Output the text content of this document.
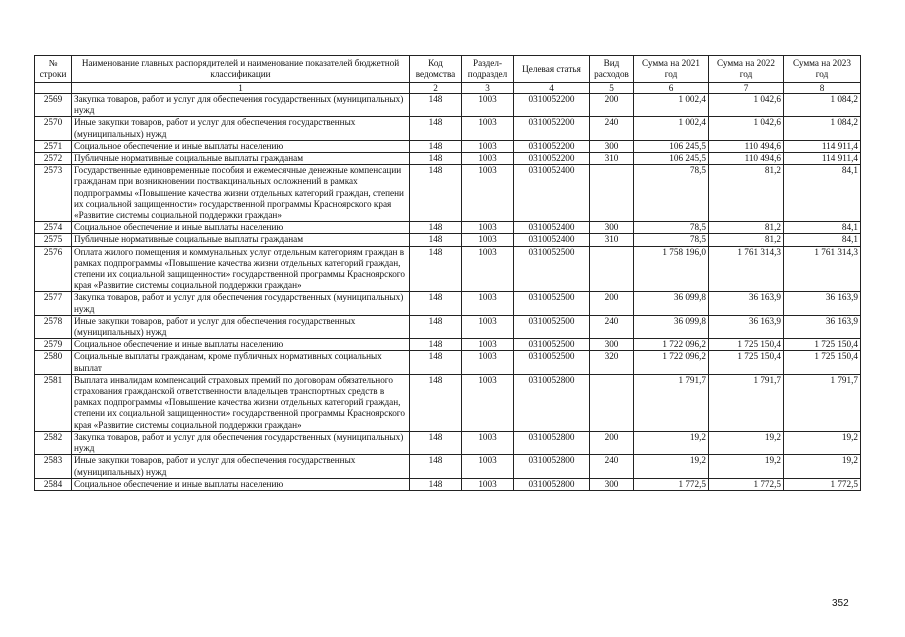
№ строки	Наименование главных распорядителей и наименование показателей бюджетной классификации	Код ведомства	Раздел-подраздел	Целевая статья	Вид расходов	Сумма на 2021 год	Сумма на 2022 год	Сумма на 2023 год
	1	2	3	4	5	6	7	8
2569	Закупка товаров, работ и услуг для обеспечения государственных (муниципальных) нужд	148	1003	0310052200	200	1 002,4	1 042,6	1 084,2
2570	Иные закупки товаров, работ и услуг для обеспечения государственных (муниципальных) нужд	148	1003	0310052200	240	1 002,4	1 042,6	1 084,2
2571	Социальное обеспечение и иные выплаты населению	148	1003	0310052200	300	106 245,5	110 494,6	114 911,4
2572	Публичные нормативные социальные выплаты гражданам	148	1003	0310052200	310	106 245,5	110 494,6	114 911,4
2573	Государственные единовременные пособия и ежемесячные денежные компенсации гражданам при возникновении поствакцинальных осложнений в рамках подпрограммы «Повышение качества жизни отдельных категорий граждан, степени их социальной защищенности» государственной программы Красноярского края «Развитие системы социальной поддержки граждан»	148	1003	0310052400		78,5	81,2	84,1
2574	Социальное обеспечение и иные выплаты населению	148	1003	0310052400	300	78,5	81,2	84,1
2575	Публичные нормативные социальные выплаты гражданам	148	1003	0310052400	310	78,5	81,2	84,1
2576	Оплата жилого помещения и коммунальных услуг отдельным категориям граждан в рамках подпрограммы «Повышение качества жизни отдельных категорий граждан, степени их социальной защищенности» государственной программы Красноярского края «Развитие системы социальной поддержки граждан»	148	1003	0310052500		1 758 196,0	1 761 314,3	1 761 314,3
2577	Закупка товаров, работ и услуг для обеспечения государственных (муниципальных) нужд	148	1003	0310052500	200	36 099,8	36 163,9	36 163,9
2578	Иные закупки товаров, работ и услуг для обеспечения государственных (муниципальных) нужд	148	1003	0310052500	240	36 099,8	36 163,9	36 163,9
2579	Социальное обеспечение и иные выплаты населению	148	1003	0310052500	300	1 722 096,2	1 725 150,4	1 725 150,4
2580	Социальные выплаты гражданам, кроме публичных нормативных социальных выплат	148	1003	0310052500	320	1 722 096,2	1 725 150,4	1 725 150,4
2581	Выплата инвалидам компенсаций страховых премий по договорам обязательного страхования гражданской ответственности владельцев транспортных средств в рамках подпрограммы «Повышение качества жизни отдельных категорий граждан, степени их социальной защищенности» государственной программы Красноярского края «Развитие системы социальной поддержки граждан»	148	1003	0310052800		1 791,7	1 791,7	1 791,7
2582	Закупка товаров, работ и услуг для обеспечения государственных (муниципальных) нужд	148	1003	0310052800	200	19,2	19,2	19,2
2583	Иные закупки товаров, работ и услуг для обеспечения государственных (муниципальных) нужд	148	1003	0310052800	240	19,2	19,2	19,2
2584	Социальное обеспечение и иные выплаты населению	148	1003	0310052800	300	1 772,5	1 772,5	1 772,5
352
